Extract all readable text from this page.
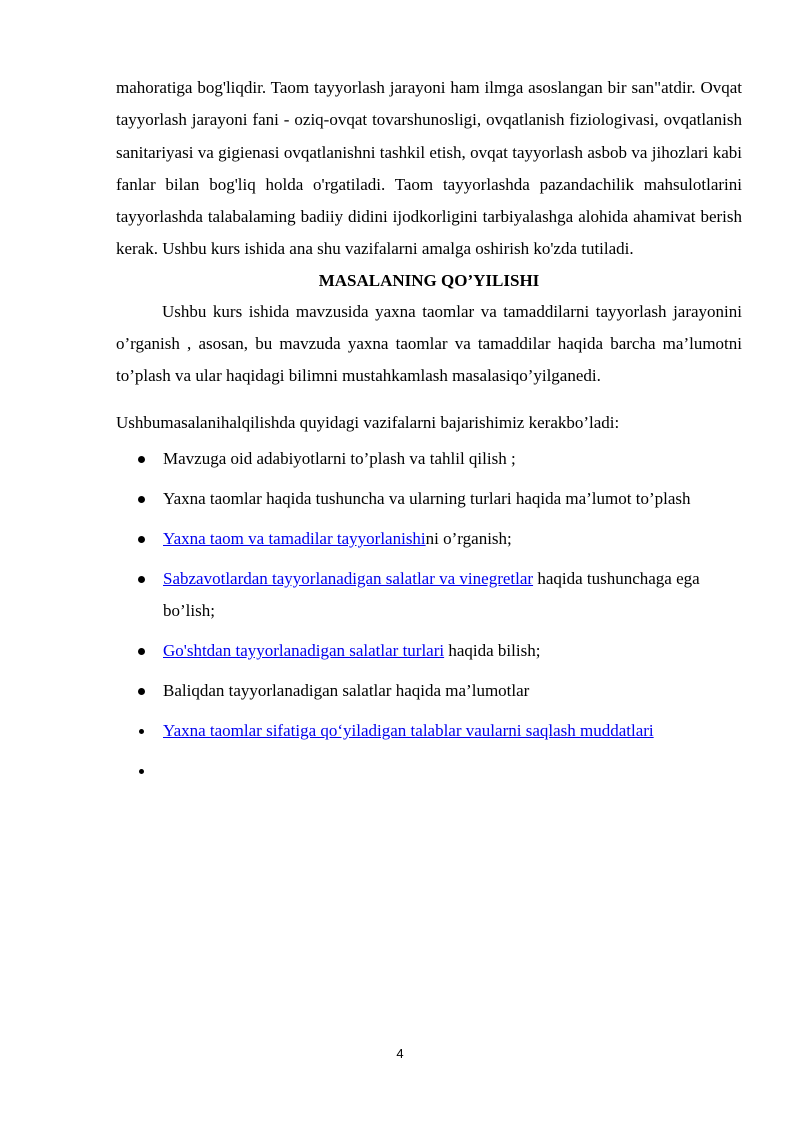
mahoratiga bog'liqdir. Taom tayyorlash jarayoni ham ilmga asoslangan bir san"atdir. Ovqat tayyorlash jarayoni fani - oziq-ovqat tovarshunosligi, ovqatlanish fiziologivasi, ovqatlanish sanitariyasi va gigienasi ovqatlanishni tashkil etish, ovqat tayyorlash asbob va jihozlari kabi fanlar bilan bog'liq holda o'rgatiladi. Taom tayyorlashda pazandachilik mahsulotlarini tayyorlashda talabalaming badiiy didini ijodkorligini tarbiyalashga alohida ahamivat berish kerak. Ushbu kurs ishida ana shu vazifalarni amalga oshirish ko'zda tutiladi.

MASALANING QO’YILISHI

Ushbu kurs ishida mavzusida yaxna taomlar va tamaddilarni tayyorlash jarayonini o’rganish , asosan, bu mavzuda yaxna taomlar va tamaddilar haqida barcha ma’lumotni to’plash va ular haqidagi bilimni mustahkamlash masalasiqo’yilganedi.

Ushbumasalanihalqilishda quyidagi vazifalarni bajarishimiz kerakbo’ladi:

Mavzuga oid adabiyotlarni to’plash va tahlil qilish ;
Yaxna taomlar haqida tushuncha va ularning turlari haqida ma’lumot to’plash
Yaxna taom va tamadilar tayyorlanishini o’rganish;
Sabzavotlardan tayyorlanadigan salatlar va vinegretlar haqida tushunchaga ega bo’lish;
Go'shtdan tayyorlanadigan salatlar turlari haqida bilish;
Baliqdan tayyorlanadigan salatlar haqida ma’lumotlar
Yaxna taomlar sifatiga qo‘yiladigan talablar vaularni saqlash muddatlari
4
